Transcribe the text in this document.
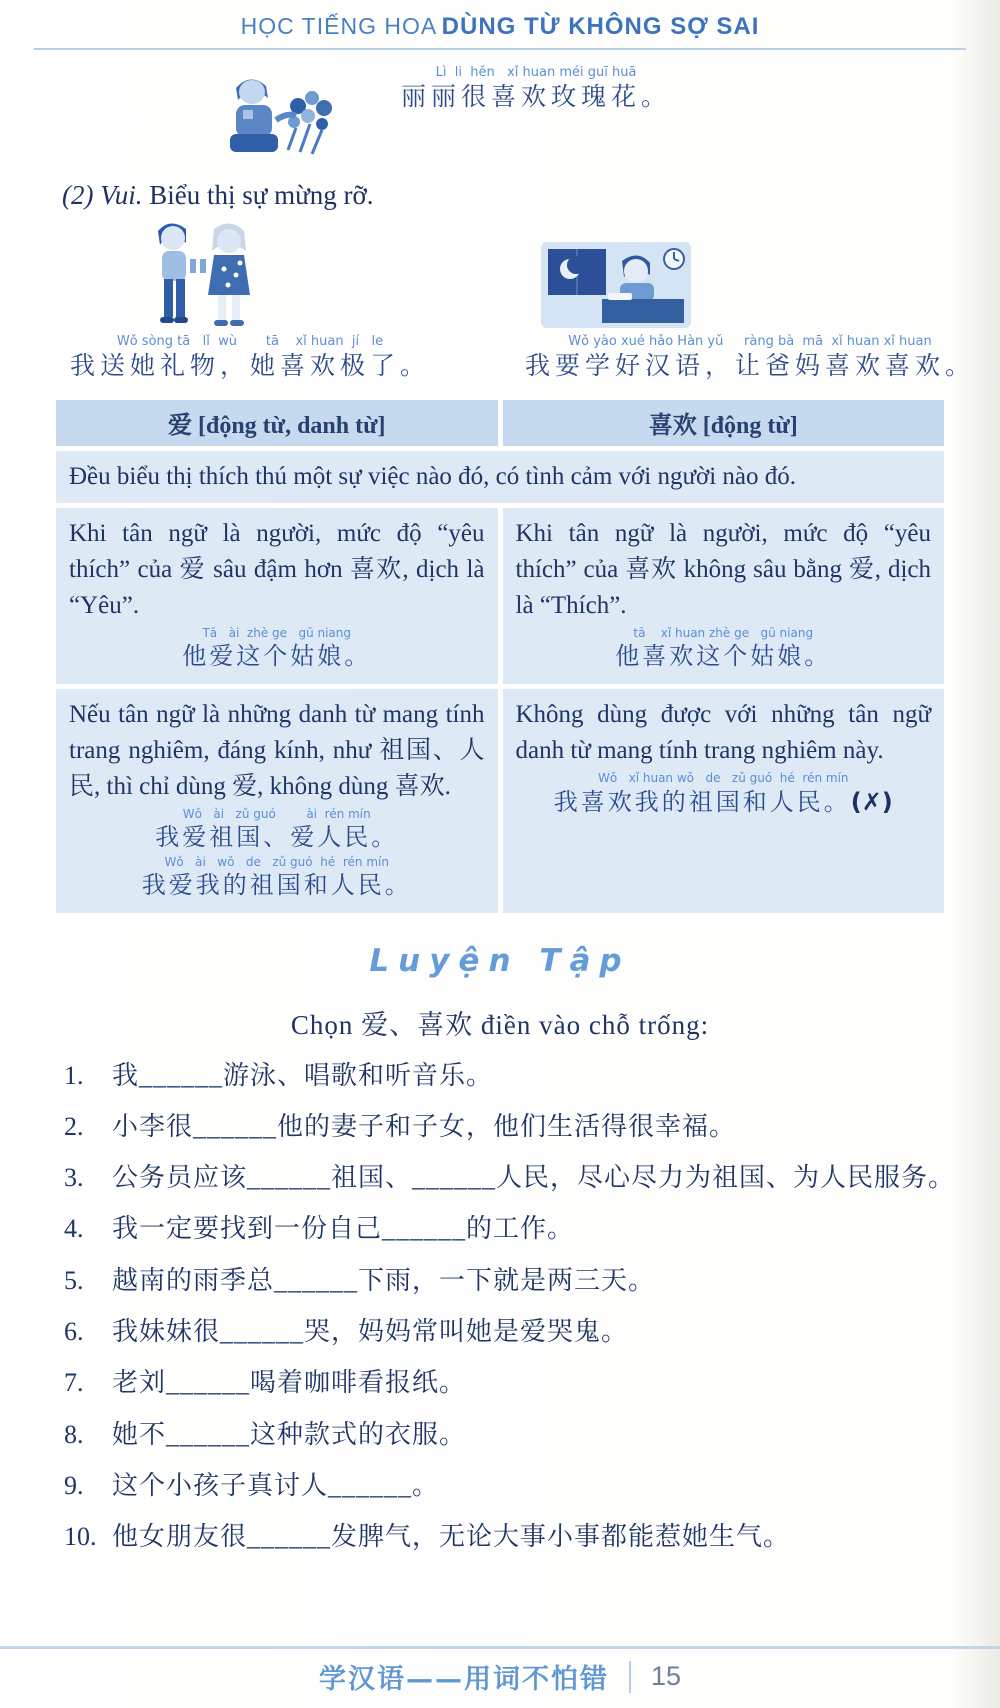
HỌC TIẾNG HOA DÙNG TỪ KHÔNG SỢ SAI
Lì  li  hěn   xǐ huan méi guī huā
丽丽很喜欢玫瑰花。
(2) Vui. Biểu thị sự mừng rỡ.
Wǒ sòng tā   lǐ  wù       tā    xǐ huan  jí   le
我送她礼物，她喜欢极了。
Wǒ yào xué hǎo Hàn yǔ     ràng bà  mā  xǐ huan xǐ huan
我要学好汉语，让爸妈喜欢喜欢。
爱 [động từ, danh từ]	喜欢 [động từ]
Đều biểu thị thích thú một sự việc nào đó, có tình cảm với người nào đó.
Khi tân ngữ là người, mức độ “yêu thích” của 爱 sâu đậm hơn 喜欢, dịch là “Yêu”.
Tā   ài  zhè ge   gū niang
他爱这个姑娘。
Khi tân ngữ là người, mức độ “yêu thích” của 喜欢 không sâu bằng 爱, dịch là “Thích”.
tā    xǐ huan zhè ge   gū niang
他喜欢这个姑娘。
Nếu tân ngữ là những danh từ mang tính trang nghiêm, đáng kính, như 祖国、人民, thì chỉ dùng 爱, không dùng 喜欢.
Wǒ   ài   zǔ guó        ài  rén mín
我爱祖国、爱人民。
Wǒ   ài   wǒ   de   zǔ guó  hé  rén mín
我爱我的祖国和人民。
Không dùng được với những tân ngữ danh từ mang tính trang nghiêm này.
Wǒ   xǐ huan wǒ   de   zǔ guó  hé  rén mín
我喜欢我的祖国和人民。(✗)
Luyện Tập
Chọn 爱、喜欢 điền vào chỗ trống:
1. 我______游泳、唱歌和听音乐。
2. 小李很______他的妻子和子女，他们生活得很幸福。
3. 公务员应该______祖国、______人民，尽心尽力为祖国、为人民服务。
4. 我一定要找到一份自己______的工作。
5. 越南的雨季总______下雨，一下就是两三天。
6. 我妹妹很______哭，妈妈常叫她是爱哭鬼。
7. 老刘______喝着咖啡看报纸。
8. 她不______这种款式的衣服。
9. 这个小孩子真讨人______。
10. 他女朋友很______发脾气，无论大事小事都能惹她生气。
学汉语——用词不怕错 15
